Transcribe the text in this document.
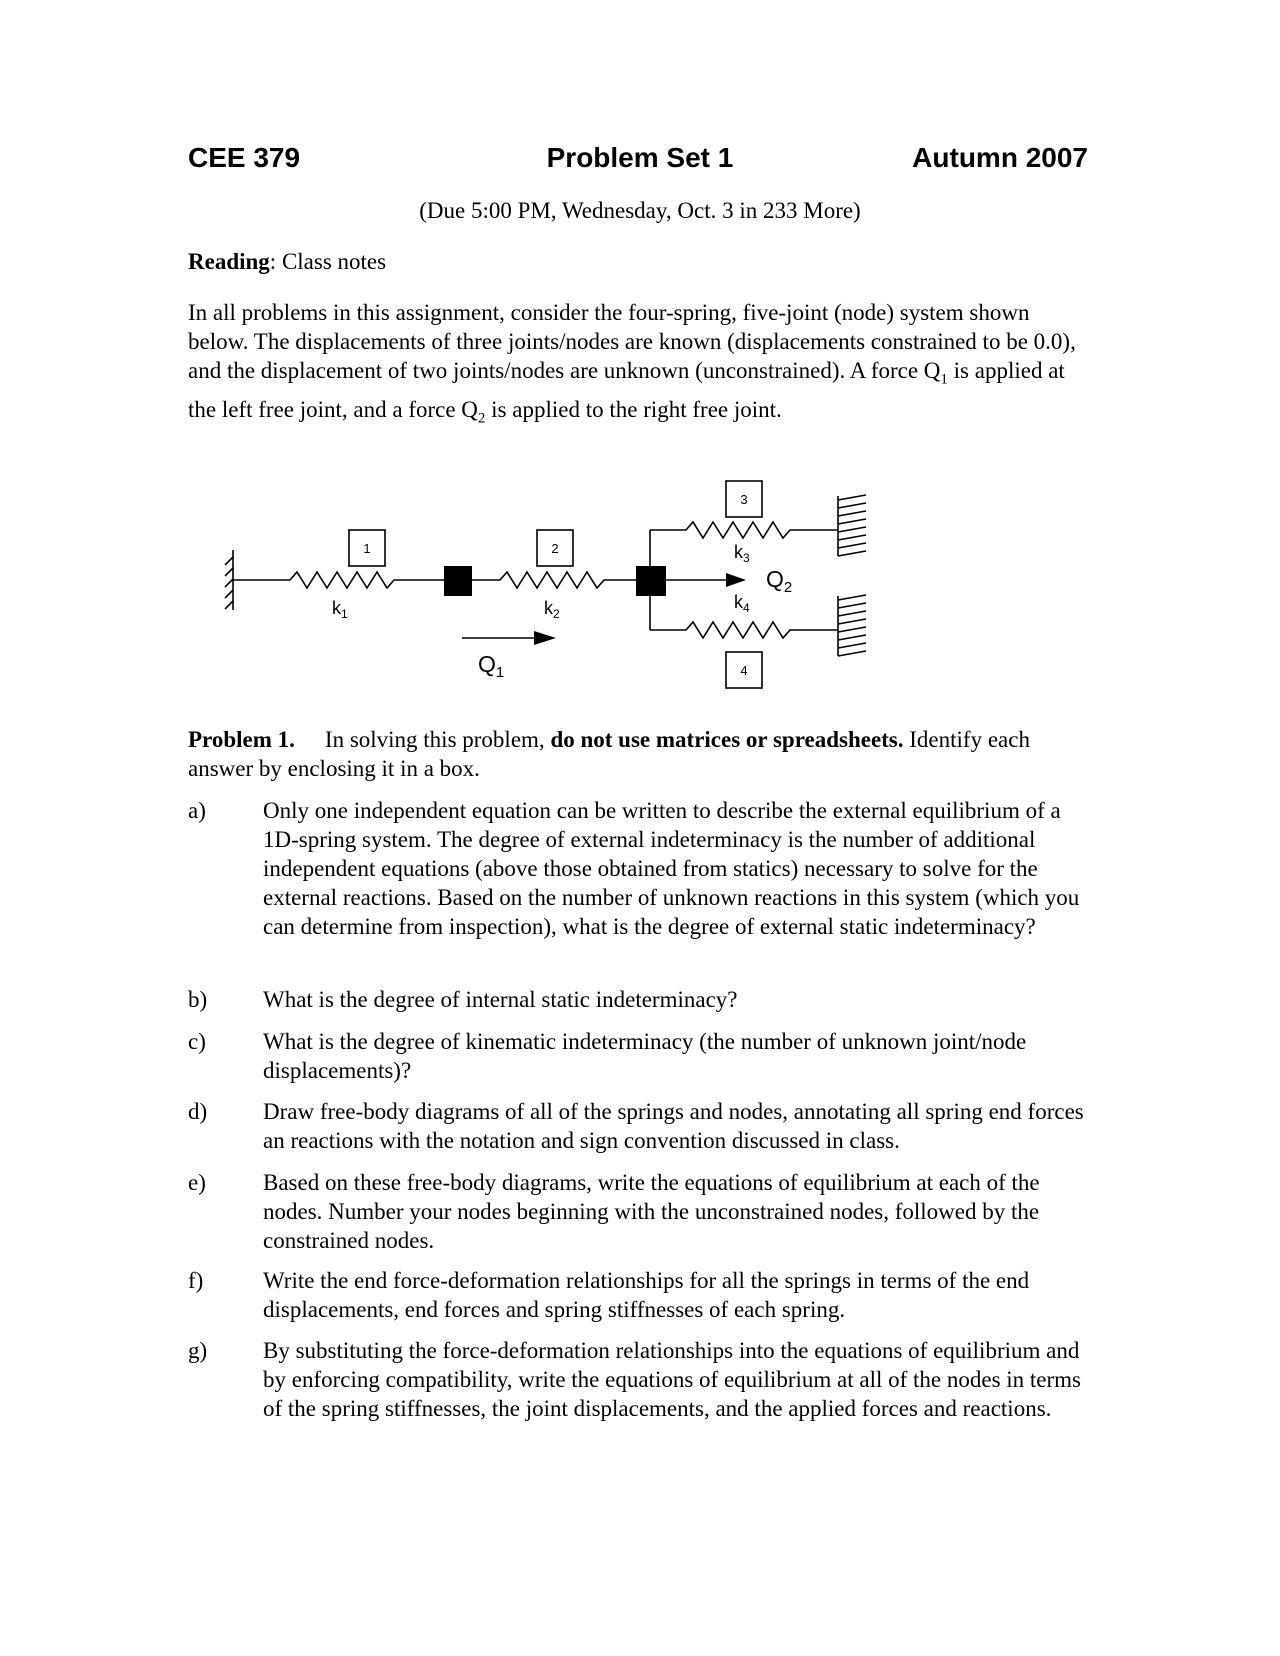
CEE 379	Problem Set 1	Autumn 2007
(Due 5:00 PM, Wednesday, Oct. 3 in 233 More)
Reading: Class notes
In all problems in this assignment, consider the four-spring, five-joint (node) system shown below. The displacements of three joints/nodes are known (displacements constrained to be 0.0), and the displacement of two joints/nodes are unknown (unconstrained). A force $Q_1$ is applied at the left free joint, and a force $Q_2$ is applied to the right free joint.
1	2
3
4
$k_1$	$k_2$
$k_3$
$k_4$
$Q_2$
$Q_1$
Problem 1. In solving this problem, do not use matrices or spreadsheets. Identify each answer by enclosing it in a box.
a)	Only one independent equation can be written to describe the external equilibrium of a 1D-spring system. The degree of external indeterminacy is the number of additional independent equations (above those obtained from statics) necessary to solve for the external reactions. Based on the number of unknown reactions in this system (which you can determine from inspection), what is the degree of external static indeterminacy?
b)	What is the degree of internal static indeterminacy?
c)	What is the degree of kinematic indeterminacy (the number of unknown joint/node displacements)?
d)	Draw free-body diagrams of all of the springs and nodes, annotating all spring end forces an reactions with the notation and sign convention discussed in class.
e)	Based on these free-body diagrams, write the equations of equilibrium at each of the nodes. Number your nodes beginning with the unconstrained nodes, followed by the constrained nodes.
f)	Write the end force-deformation relationships for all the springs in terms of the end displacements, end forces and spring stiffnesses of each spring.
g)	By substituting the force-deformation relationships into the equations of equilibrium and by enforcing compatibility, write the equations of equilibrium at all of the nodes in terms of the spring stiffnesses, the joint displacements, and the applied forces and reactions.
